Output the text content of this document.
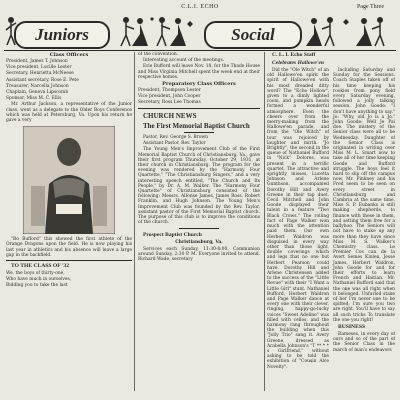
C.L.I. ECHO	Page Three
Juniors	Social

Class Officers

President, James T. Johnson

Vice president, Lucille Lester

Secretary, Henrietta McNeese

Assistant secretary, Rose E. Pete

Treasurer, Narcella Johnson

Chaplain, Geneva Lipscomb

Sponsor, Miss M. C. Ellis

Mr. Arthur Jackson, a representative of the Junior class, went as a delegate to the Older Boys Conference which was held at Petersburg, Va. Upon his return he gave a very

"Bo Bufford" this showed the first athlete of the Orange Dragons upon the field. He is now playing his last year in athletics and his absence will leave a large gap in the backfield.

TO THE CLASS OF '32

We, the boys of thirty-one,

Who have much in ourselves,

Bidding you to take the last

of the convention.

Interesting account of the meetings.

Erie Bufford will leave Nov. 18, for the Thade House and Miss Virginia Mitchell spent the week end at their respective homes.

Preparatory Class Officers

President, Thompson Lester

Vice president, John Cooper

Secretary, Ross Lee Thomas

CHURCH NEWS

The First Memorial Baptist Church

Pastor, Rev. George S. Brown

Assistant Pastor, Rev. Taylor

The Young Men's Improvement Club of the First Memorial Baptist Church of Christiansburg, Va., gave their first program Thursday, October 29, 1931, at their church in Christiansburg. The program for the evening was rendered by the "Harmony Four Quartette," "The Christiansburg Singers," and a very interesting speech entitled, "The Church and Its People," by Dr. A. M. Walker. The "Harmony Four Quartette" of Christiansburg consisted of the following: Messrs. Alfonse James, James Ross, Robert Franklin, and Hugh Johnson. The Young Men's Improvement Club was founded by the Rev. Taylor, assistant pastor of the First Memorial Baptist church. The purpose of this club is to improve the conditions of the church.

Prospect Baptist Church

Christiansburg, Va.

Services each Sunday, 11:30-8:00. Communion around Sunday, 2:30 P. M. Everyone invited to attend. Richard Wade, secretary

C. L. I. Echo Staff

Celebrates Hallowe'en

Did the "Ole Witch" of an old Hallowe'en spirit the spirit of Hallowe'en with his most dreaded ditty word? The "Echo Hollow", given to a dimly lighted room, and pumpkin heads formed a wonderful atmosphere. Even the cheers over from the merry-making from the Hallowe'en parade, and from the "Ole Witch" of tour was rejoiced by laughter and mirth. "Jo Brightly", the second in the queue of Nathaniel Bufford in "Nick" Dolores, was present in a terrific quartet. The attractive and sprightly misses, Lucetta Johnson and Arlene Gunthson, accompanied Dorothy Hill and Avery Greene in their tap duet. Cecil Mitchell and John Goode displayed their talent in a feature "Two Black Crows." The rolling fact of Page Walker won much with the attention paid them. Our own Herbert Waldron was disguised in every way other than those light, double coverings which and legs that no one but Herbert Pearson could have. Dorothy Hill and Arlene Christensen added to the success of the "Little Revue" with their "I Want a Little Girl" stunt. Nathaniel Bufford, Herbert Waldron and Page Walker dance at every one with their clever, ringing, happy-go-lucky voices "Sweet Adeline" was filled with cellos, and the harmony rang throughout the building when this "Jolly Trio" sang it. Avery Greene, dressed as Arabella Johnson's "T ** * * s Girlfriend," without asking to be told the exhibition of "Cousin Alce Novelty".

including Saturday and Sunday for the Sessions. Coach Staples taken off of his time keeping his rookies from pony field every Saturday evening, followed a jolly talking session. John Goode: "I don't have anything to say." Jo: "Why, old Jo is a Jo." John Goode: Well Je Pai doe. The mistery of the Senior class were all to be Wednesday. Daughter of the Senior Class is originated in writing over Miss M. L. Smart now to take all of her time keeping Goode and Bufford struggle. The boys feel it hard to slip off the campus now, Mr. Pinkney and his Fred seem to be seen on every street in Christiansburg and Cambria at the same time. Miss S. P. Eubanks is still making shepherds, to finance with these in them, and setting them free for a ballyhoo. The Seniors will not have to stake up any more than they have since Miss M. S. Walker's Chemistry class. Le Premier Cos can de la Avert Semes Kinlen, Jesse James, Herbert Waldron, John Goode for and for their efforts to learn French and Haitian. Mr. Nathaniel Bufford said that the one was all right when it belonged. Unfurled stake of her I'm never one to be spitted, I'm sure you two are right. You'll have to say all such tricks To translate the one you right!

BUSINESS

Rameses, in every day of ours and so of the part of the Senior Class in the march of man's endeavors
